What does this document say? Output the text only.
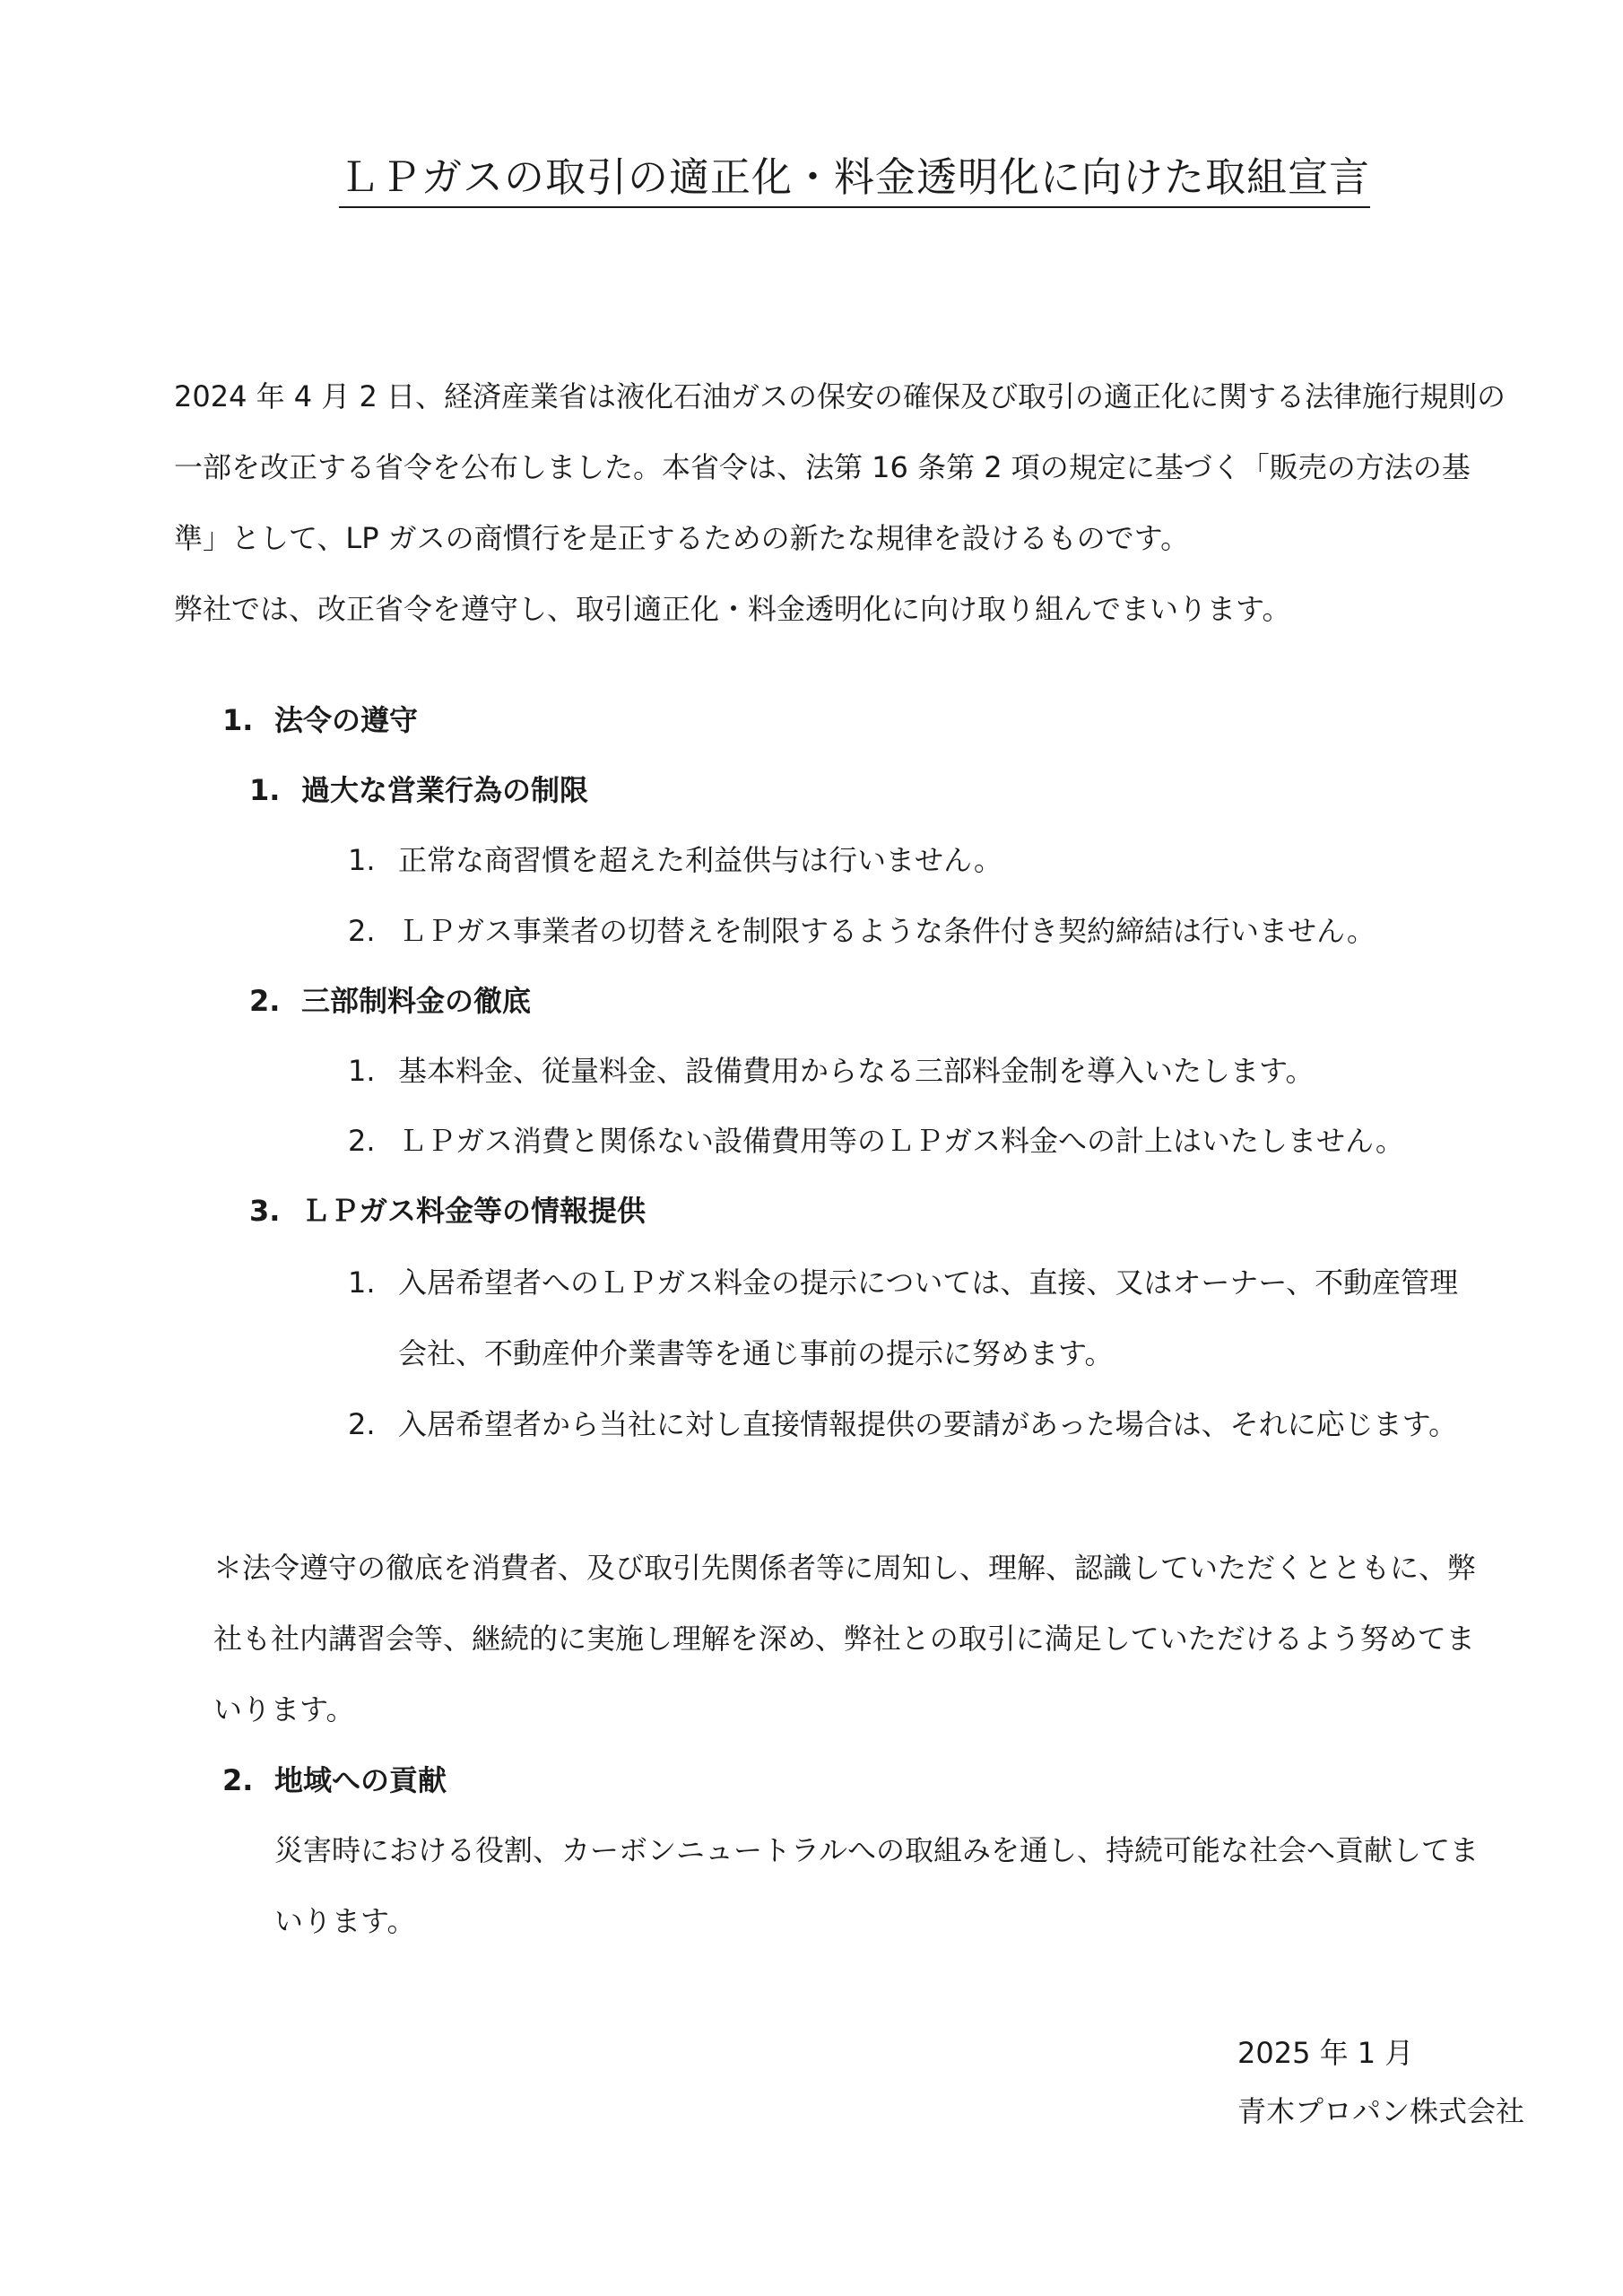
ＬＰガスの取引の適正化・料金透明化に向けた取組宣言
2024 年 4 月 2 日、経済産業省は液化石油ガスの保安の確保及び取引の適正化に関する法律施行規則の
一部を改正する省令を公布しました。本省令は、法第 16 条第 2 項の規定に基づく「販売の方法の基
準」として、LP ガスの商慣行を是正するための新たな規律を設けるものです。
弊社では、改正省令を遵守し、取引適正化・料金透明化に向け取り組んでまいります。
1. 法令の遵守
1. 過大な営業行為の制限
1. 正常な商習慣を超えた利益供与は行いません。
2. ＬＰガス事業者の切替えを制限するような条件付き契約締結は行いません。
2. 三部制料金の徹底
1. 基本料金、従量料金、設備費用からなる三部料金制を導入いたします。
2. ＬＰガス消費と関係ない設備費用等のＬＰガス料金への計上はいたしません。
3. ＬＰガス料金等の情報提供
1. 入居希望者へのＬＰガス料金の提示については、直接、又はオーナー、不動産管理
会社、不動産仲介業書等を通じ事前の提示に努めます。
2. 入居希望者から当社に対し直接情報提供の要請があった場合は、それに応じます。
＊法令遵守の徹底を消費者、及び取引先関係者等に周知し、理解、認識していただくとともに、弊
社も社内講習会等、継続的に実施し理解を深め、弊社との取引に満足していただけるよう努めてま
いります。
2. 地域への貢献
災害時における役割、カーボンニュートラルへの取組みを通し、持続可能な社会へ貢献してま
いります。
2025 年 1 月
青木プロパン株式会社
